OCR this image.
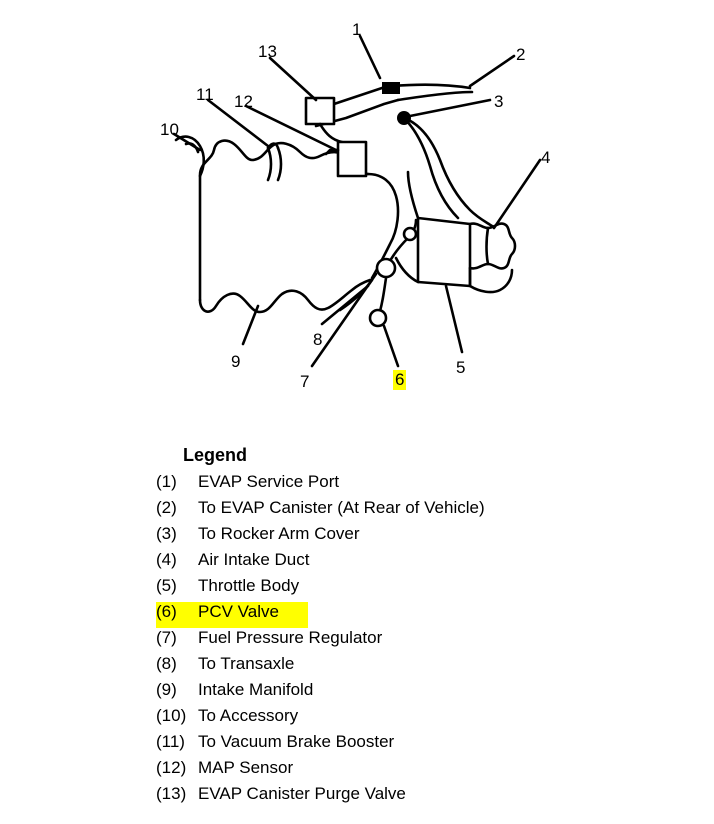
1
2
3
4
5
6
7
8
9
10
11 12
13
Legend
(1)	EVAP Service Port
(2)	To EVAP Canister (At Rear of Vehicle)
(3)	To Rocker Arm Cover
(4)	Air Intake Duct
(5)	Throttle Body
(6)	PCV Valve
(7)	Fuel Pressure Regulator
(8)	To Transaxle
(9)	Intake Manifold
(10) To Accessory
(11) To Vacuum Brake Booster
(12) MAP Sensor
(13) EVAP Canister Purge Valve
